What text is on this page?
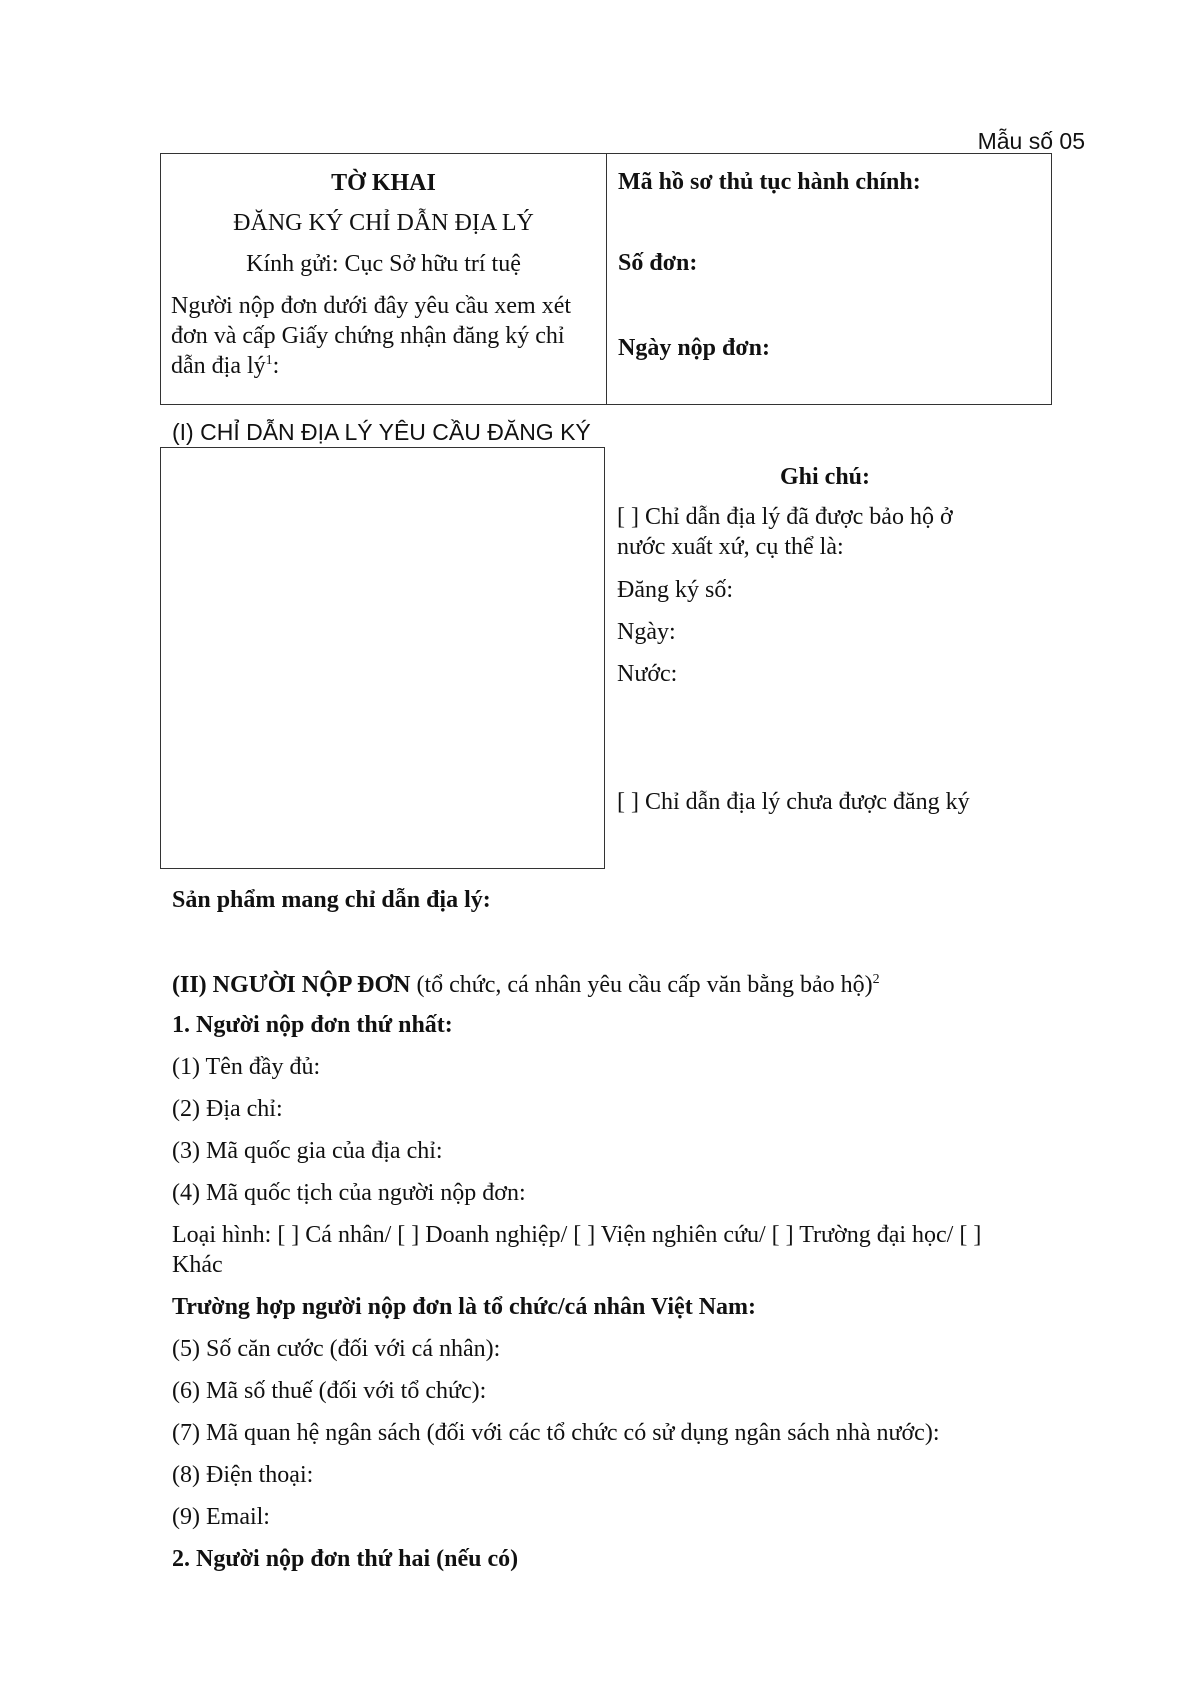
Mẫu số 05
TỜ KHAI
ĐĂNG KÝ CHỈ DẪN ĐỊA LÝ
Kính gửi: Cục Sở hữu trí tuệ
Người nộp đơn dưới đây yêu cầu xem xét đơn và cấp Giấy chứng nhận đăng ký chỉ dẫn địa $lý^1$:
Mã hồ sơ thủ tục hành chính:
Số đơn:
Ngày nộp đơn:
(I) CHỈ DẪN ĐỊA LÝ YÊU CẦU ĐĂNG KÝ
Ghi chú:
[ ] Chỉ dẫn địa lý đã được bảo hộ ở
nước xuất xứ, cụ thể là:
Đăng ký số:
Ngày:
Nước:
[ ] Chỉ dẫn địa lý chưa được đăng ký
Sản phẩm mang chỉ dẫn địa lý:
(II) NGƯỜI NỘP ĐƠN (tổ chức, cá nhân yêu cầu cấp văn bằng bảo hộ)$^2$
1. Người nộp đơn thứ nhất:
(1) Tên đầy đủ:
(2) Địa chỉ:
(3) Mã quốc gia của địa chỉ:
(4) Mã quốc tịch của người nộp đơn:
Loại hình: [ ] Cá nhân/ [ ] Doanh nghiệp/ [ ] Viện nghiên cứu/ [ ] Trường đại học/ [ ]
Khác
Trường hợp người nộp đơn là tổ chức/cá nhân Việt Nam:
(5) Số căn cước (đối với cá nhân):
(6) Mã số thuế (đối với tổ chức):
(7) Mã quan hệ ngân sách (đối với các tổ chức có sử dụng ngân sách nhà nước):
(8) Điện thoại:
(9) Email:
2. Người nộp đơn thứ hai (nếu có)
